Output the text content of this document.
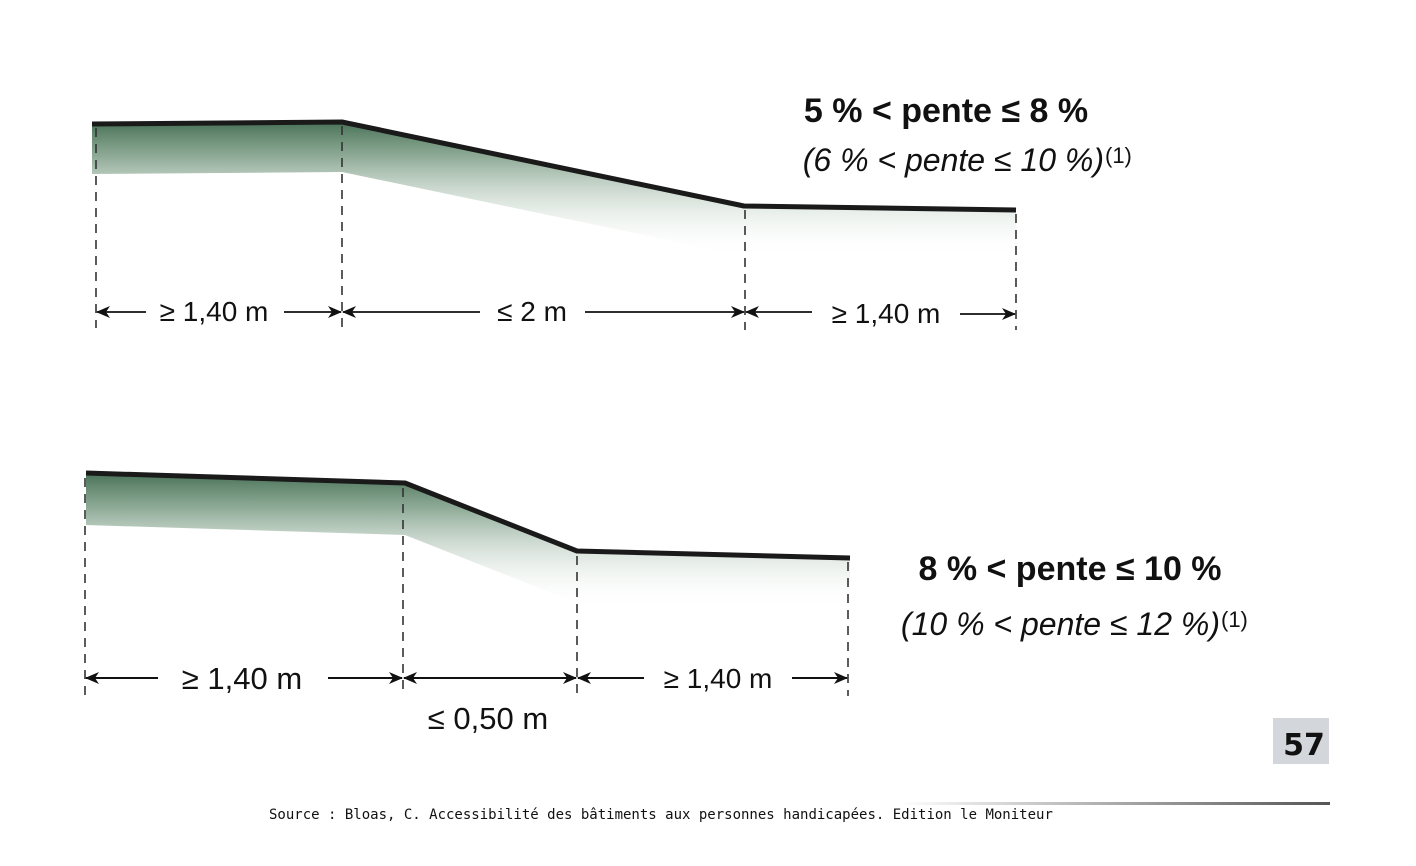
≥ 1,40 m	≤ 2 m	≥ 1,40 m
5 % < pente ≤ 8 %
(6 % < pente ≤ 10 %) (1)
≥ 1,40 m
≤ 0,50 m
≥ 1,40 m
8 % < pente ≤ 10 %
(10 % < pente ≤ 12 %) (1)
57
Source : Bloas, C. Accessibilité des bâtiments aux personnes handicapées. Edition le Moniteur
